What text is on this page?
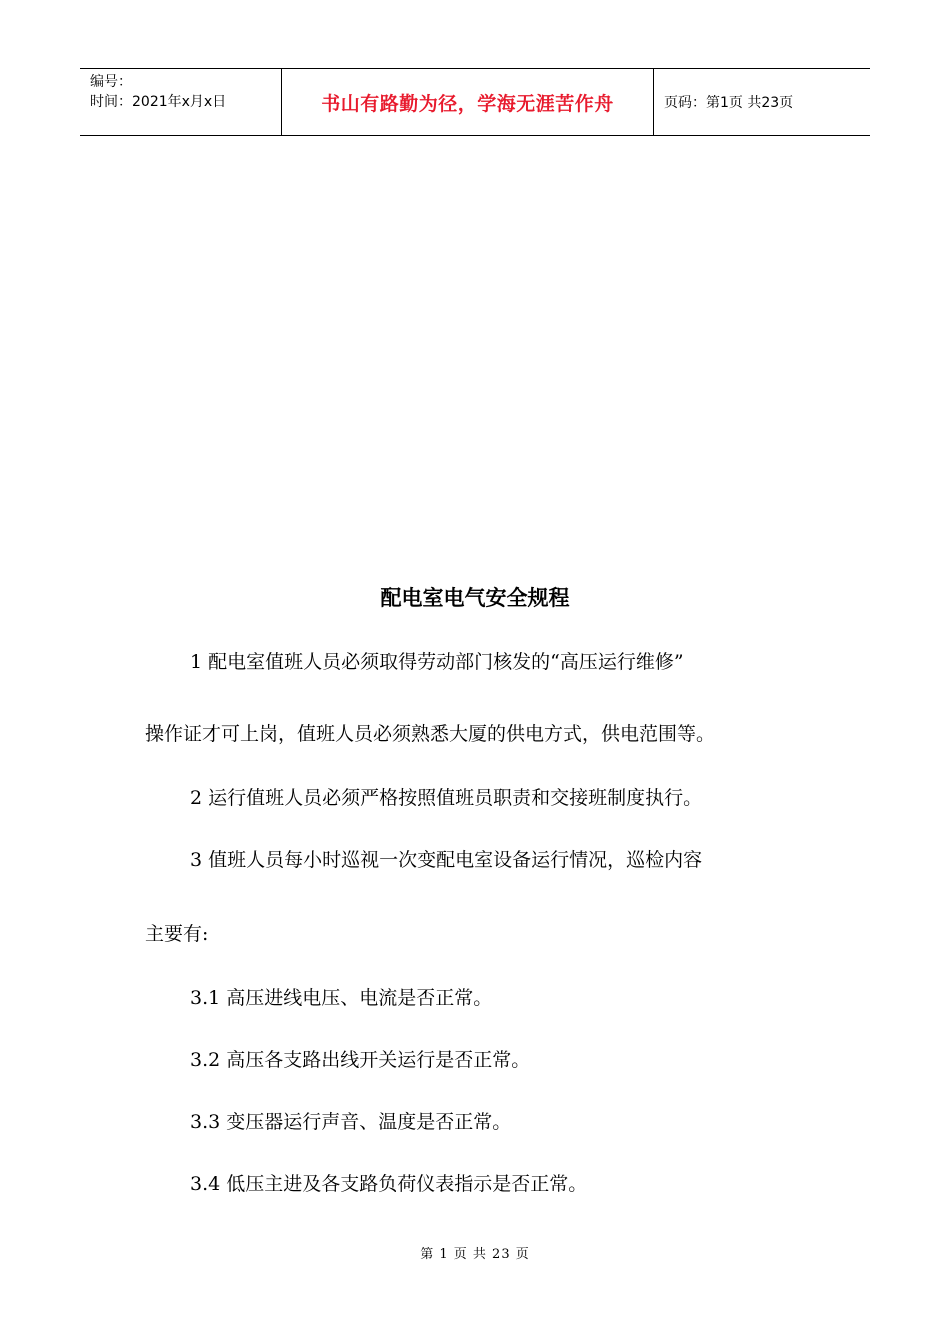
编号：
时间：2021年x月x日	书山有路勤为径，学海无涯苦作舟	页码：第1页 共23页
配电室电气安全规程

1 配电室值班人员必须取得劳动部门核发的“高压运行维修”

操作证才可上岗，值班人员必须熟悉大厦的供电方式，供电范围等。

2 运行值班人员必须严格按照值班员职责和交接班制度执行。

3 值班人员每小时巡视一次变配电室设备运行情况，巡检内容

主要有:

3.1 高压进线电压、电流是否正常。

3.2 高压各支路出线开关运行是否正常。

3.3 变压器运行声音、温度是否正常。

3.4 低压主进及各支路负荷仪表指示是否正常。

第 1 页 共 23 页
